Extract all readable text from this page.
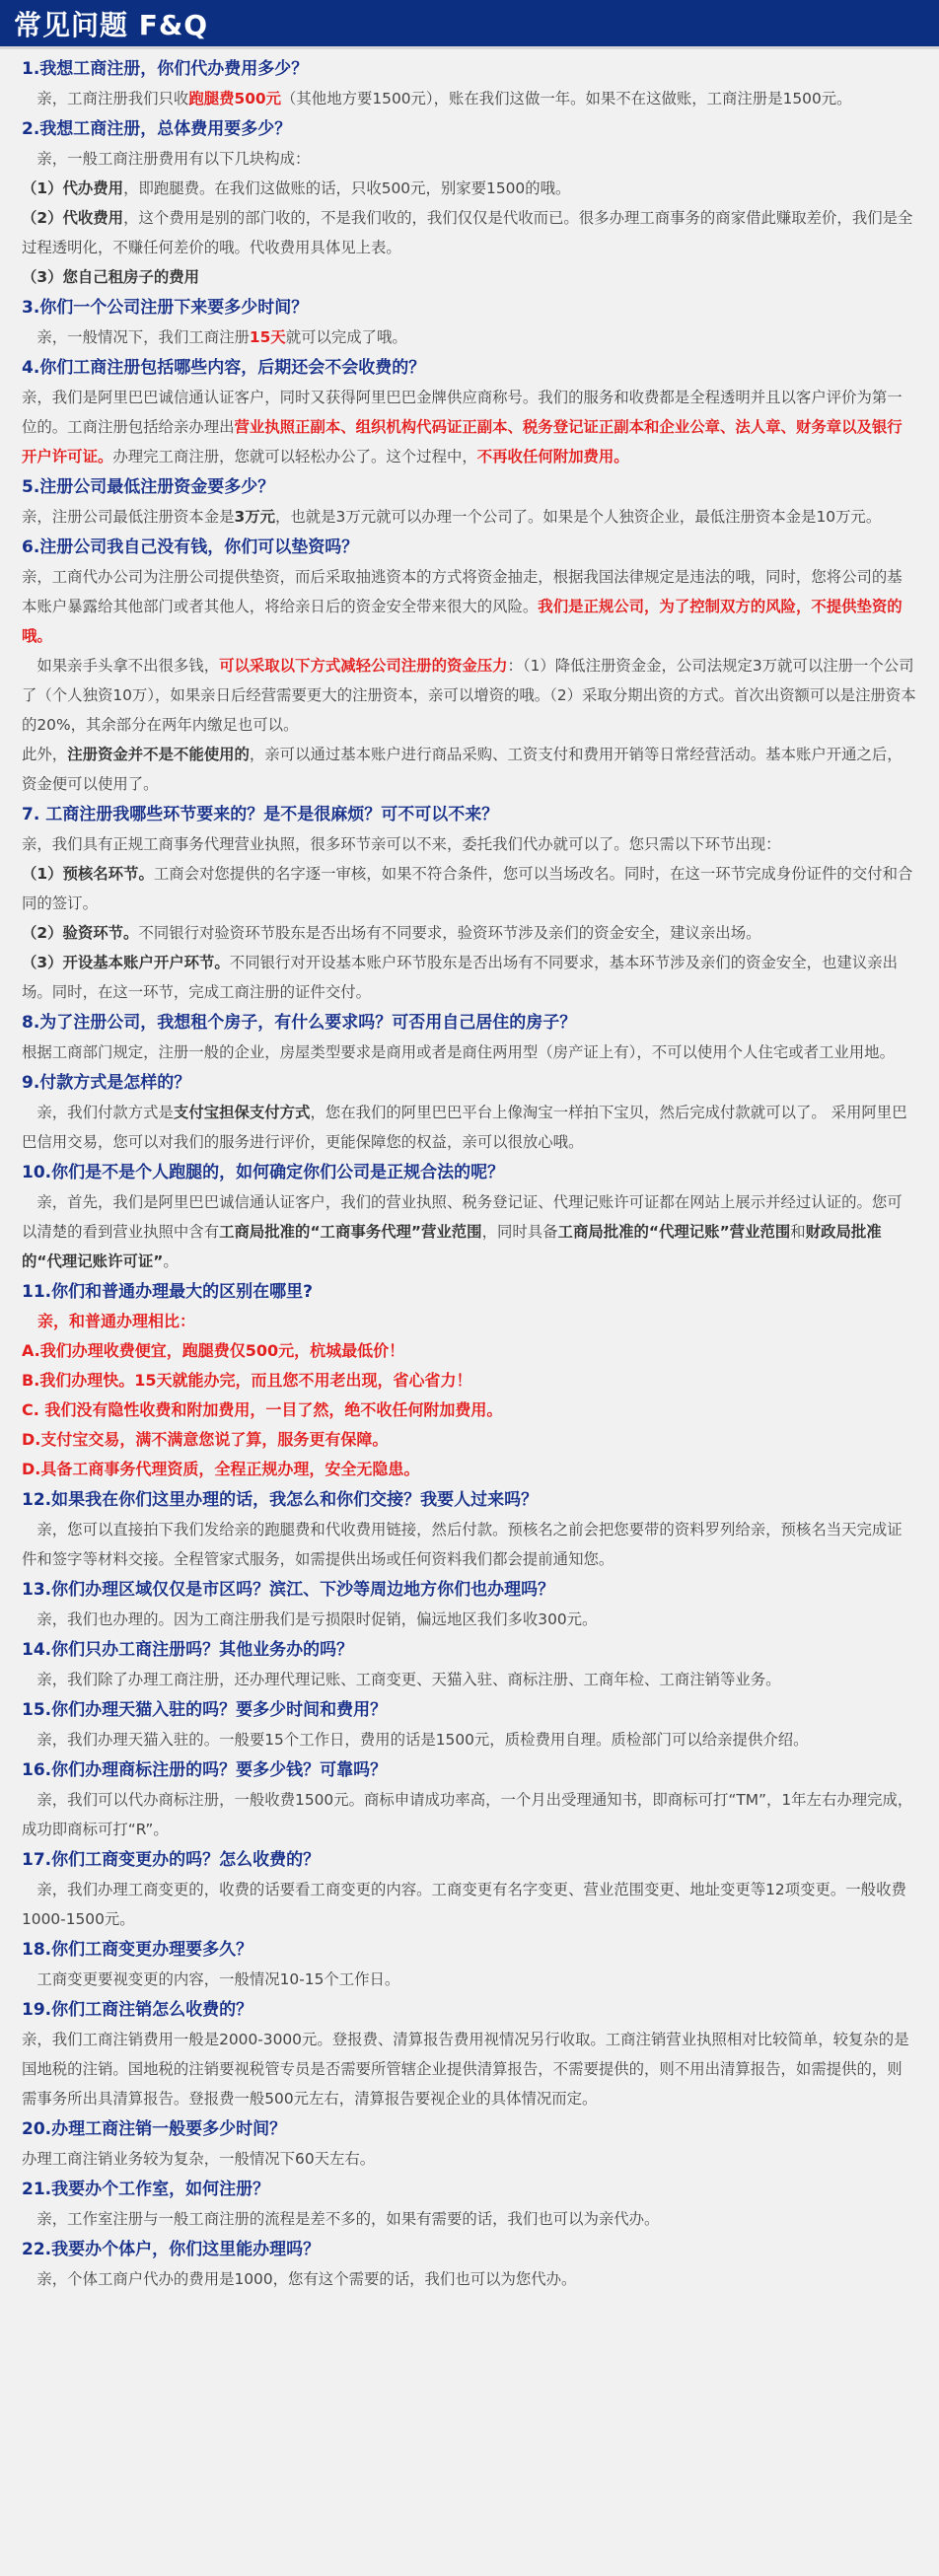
常见问题 F&Q
1.我想工商注册，你们代办费用多少？
　亲，工商注册我们只收跑腿费500元（其他地方要1500元），账在我们这做一年。如果不在这做账，工商注册是1500元。
2.我想工商注册，总体费用要多少？
　亲，一般工商注册费用有以下几块构成：
（1）代办费用，即跑腿费。在我们这做账的话，只收500元，别家要1500的哦。
（2）代收费用，这个费用是别的部门收的，不是我们收的，我们仅仅是代收而已。很多办理工商事务的商家借此赚取差价，我们是全过程透明化，不赚任何差价的哦。代收费用具体见上表。
（3）您自己租房子的费用
3.你们一个公司注册下来要多少时间？
　亲，一般情况下，我们工商注册15天就可以完成了哦。
4.你们工商注册包括哪些内容，后期还会不会收费的？
亲，我们是阿里巴巴诚信通认证客户，同时又获得阿里巴巴金牌供应商称号。我们的服务和收费都是全程透明并且以客户评价为第一位的。工商注册包括给亲办理出营业执照正副本、组织机构代码证正副本、税务登记证正副本和企业公章、法人章、财务章以及银行开户许可证。办理完工商注册，您就可以轻松办公了。这个过程中，不再收任何附加费用。
5.注册公司最低注册资金要多少？
亲，注册公司最低注册资本金是3万元，也就是3万元就可以办理一个公司了。如果是个人独资企业，最低注册资本金是10万元。
6.注册公司我自己没有钱，你们可以垫资吗？
亲，工商代办公司为注册公司提供垫资，而后采取抽逃资本的方式将资金抽走，根据我国法律规定是违法的哦，同时，您将公司的基本账户暴露给其他部门或者其他人，将给亲日后的资金安全带来很大的风险。我们是正规公司，为了控制双方的风险，不提供垫资的哦。
　如果亲手头拿不出很多钱，可以采取以下方式减轻公司注册的资金压力：（1）降低注册资金金，公司法规定3万就可以注册一个公司了（个人独资10万），如果亲日后经营需要更大的注册资本，亲可以增资的哦。（2）采取分期出资的方式。首次出资额可以是注册资本的20%，其余部分在两年内缴足也可以。
此外，注册资金并不是不能使用的，亲可以通过基本账户进行商品采购、工资支付和费用开销等日常经营活动。基本账户开通之后，资金便可以使用了。
7. 工商注册我哪些环节要来的？是不是很麻烦？可不可以不来？
亲，我们具有正规工商事务代理营业执照，很多环节亲可以不来，委托我们代办就可以了。您只需以下环节出现：
（1）预核名环节。工商会对您提供的名字逐一审核，如果不符合条件，您可以当场改名。同时，在这一环节完成身份证件的交付和合同的签订。
（2）验资环节。不同银行对验资环节股东是否出场有不同要求，验资环节涉及亲们的资金安全，建议亲出场。
（3）开设基本账户开户环节。不同银行对开设基本账户环节股东是否出场有不同要求，基本环节涉及亲们的资金安全，也建议亲出场。同时，在这一环节，完成工商注册的证件交付。
8.为了注册公司，我想租个房子，有什么要求吗？可否用自己居住的房子？
根据工商部门规定，注册一般的企业，房屋类型要求是商用或者是商住两用型（房产证上有），不可以使用个人住宅或者工业用地。
9.付款方式是怎样的？
　亲，我们付款方式是支付宝担保支付方式，您在我们的阿里巴巴平台上像淘宝一样拍下宝贝，然后完成付款就可以了。 采用阿里巴巴信用交易，您可以对我们的服务进行评价，更能保障您的权益，亲可以很放心哦。
10.你们是不是个人跑腿的，如何确定你们公司是正规合法的呢？
　亲，首先，我们是阿里巴巴诚信通认证客户，我们的营业执照、税务登记证、代理记账许可证都在网站上展示并经过认证的。您可以清楚的看到营业执照中含有工商局批准的“工商事务代理”营业范围，同时具备工商局批准的“代理记账”营业范围和财政局批准的“代理记账许可证”。
11.你们和普通办理最大的区别在哪里?
　亲，和普通办理相比：
A.我们办理收费便宜，跑腿费仅500元，杭城最低价！
B.我们办理快。15天就能办完，而且您不用老出现，省心省力！
C. 我们没有隐性收费和附加费用，一目了然，绝不收任何附加费用。
D.支付宝交易，满不满意您说了算，服务更有保障。
D.具备工商事务代理资质，全程正规办理，安全无隐患。
12.如果我在你们这里办理的话，我怎么和你们交接？我要人过来吗？
　亲，您可以直接拍下我们发给亲的跑腿费和代收费用链接，然后付款。预核名之前会把您要带的资料罗列给亲，预核名当天完成证件和签字等材料交接。全程管家式服务，如需提供出场或任何资料我们都会提前通知您。
13.你们办理区域仅仅是市区吗？滨江、下沙等周边地方你们也办理吗？
　亲，我们也办理的。因为工商注册我们是亏损限时促销，偏远地区我们多收300元。
14.你们只办工商注册吗？其他业务办的吗？
　亲，我们除了办理工商注册，还办理代理记账、工商变更、天猫入驻、商标注册、工商年检、工商注销等业务。
15.你们办理天猫入驻的吗？要多少时间和费用？
　亲，我们办理天猫入驻的。一般要15个工作日，费用的话是1500元，质检费用自理。质检部门可以给亲提供介绍。
16.你们办理商标注册的吗？要多少钱？可靠吗？
　亲，我们可以代办商标注册，一般收费1500元。商标申请成功率高，一个月出受理通知书，即商标可打“TM”，1年左右办理完成，成功即商标可打“R”。
17.你们工商变更办的吗？怎么收费的？
　亲，我们办理工商变更的，收费的话要看工商变更的内容。工商变更有名字变更、营业范围变更、地址变更等12项变更。一般收费1000-1500元。
18.你们工商变更办理要多久？
　工商变更要视变更的内容，一般情况10-15个工作日。
19.你们工商注销怎么收费的？
亲，我们工商注销费用一般是2000-3000元。登报费、清算报告费用视情况另行收取。工商注销营业执照相对比较简单，较复杂的是国地税的注销。国地税的注销要视税管专员是否需要所管辖企业提供清算报告，不需要提供的，则不用出清算报告，如需提供的，则需事务所出具清算报告。登报费一般500元左右，清算报告要视企业的具体情况而定。
20.办理工商注销一般要多少时间？
办理工商注销业务较为复杂，一般情况下60天左右。
21.我要办个工作室，如何注册？
　亲，工作室注册与一般工商注册的流程是差不多的，如果有需要的话，我们也可以为亲代办。
22.我要办个体户，你们这里能办理吗？
　亲，个体工商户代办的费用是1000，您有这个需要的话，我们也可以为您代办。
